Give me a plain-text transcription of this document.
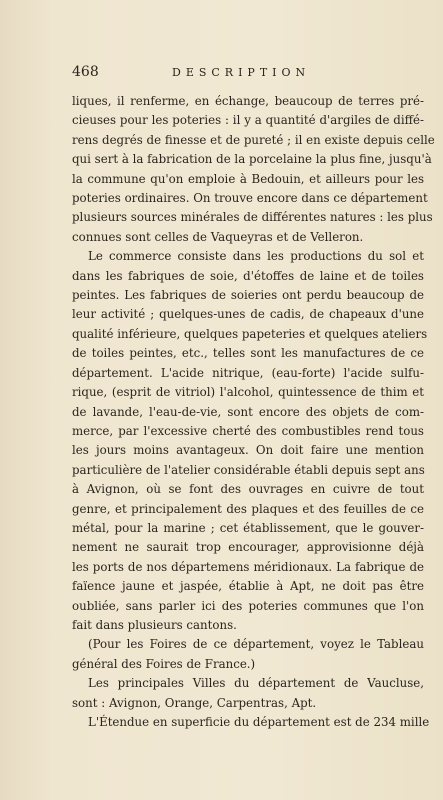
468	DESCRIPTION
liques, il renferme, en échange, beaucoup de terres pré-
cieuses pour les poteries : il y a quantité d'argiles de diffé-
rens degrés de finesse et de pureté ; il en existe depuis celle
qui sert à la fabrication de la porcelaine la plus fine, jusqu'à
la commune qu'on emploie à Bedouin, et ailleurs pour les
poteries ordinaires. On trouve encore dans ce département
plusieurs sources minérales de différentes natures : les plus
connues sont celles de Vaqueyras et de Velleron.
Le commerce consiste dans les productions du sol et
dans les fabriques de soie, d'étoffes de laine et de toiles
peintes. Les fabriques de soieries ont perdu beaucoup de
leur activité ; quelques-unes de cadis, de chapeaux d'une
qualité inférieure, quelques papeteries et quelques ateliers
de toiles peintes, etc., telles sont les manufactures de ce
département. L'acide nitrique, (eau-forte) l'acide sulfu-
rique, (esprit de vitriol) l'alcohol, quintessence de thim et
de lavande, l'eau-de-vie, sont encore des objets de com-
merce, par l'excessive cherté des combustibles rend tous
les jours moins avantageux. On doit faire une mention
particulière de l'atelier considérable établi depuis sept ans
à Avignon, où se font des ouvrages en cuivre de tout
genre, et principalement des plaques et des feuilles de ce
métal, pour la marine ; cet établissement, que le gouver-
nement ne saurait trop encourager, approvisionne déjà
les ports de nos départemens méridionaux. La fabrique de
faïence jaune et jaspée, établie à Apt, ne doit pas être
oubliée, sans parler ici des poteries communes que l'on
fait dans plusieurs cantons.
(Pour les Foires de ce département, voyez le Tableau
général des Foires de France.)
Les principales Villes du département de Vaucluse,
sont : Avignon, Orange, Carpentras, Apt.
L'Étendue en superficie du département est de 234 mille
